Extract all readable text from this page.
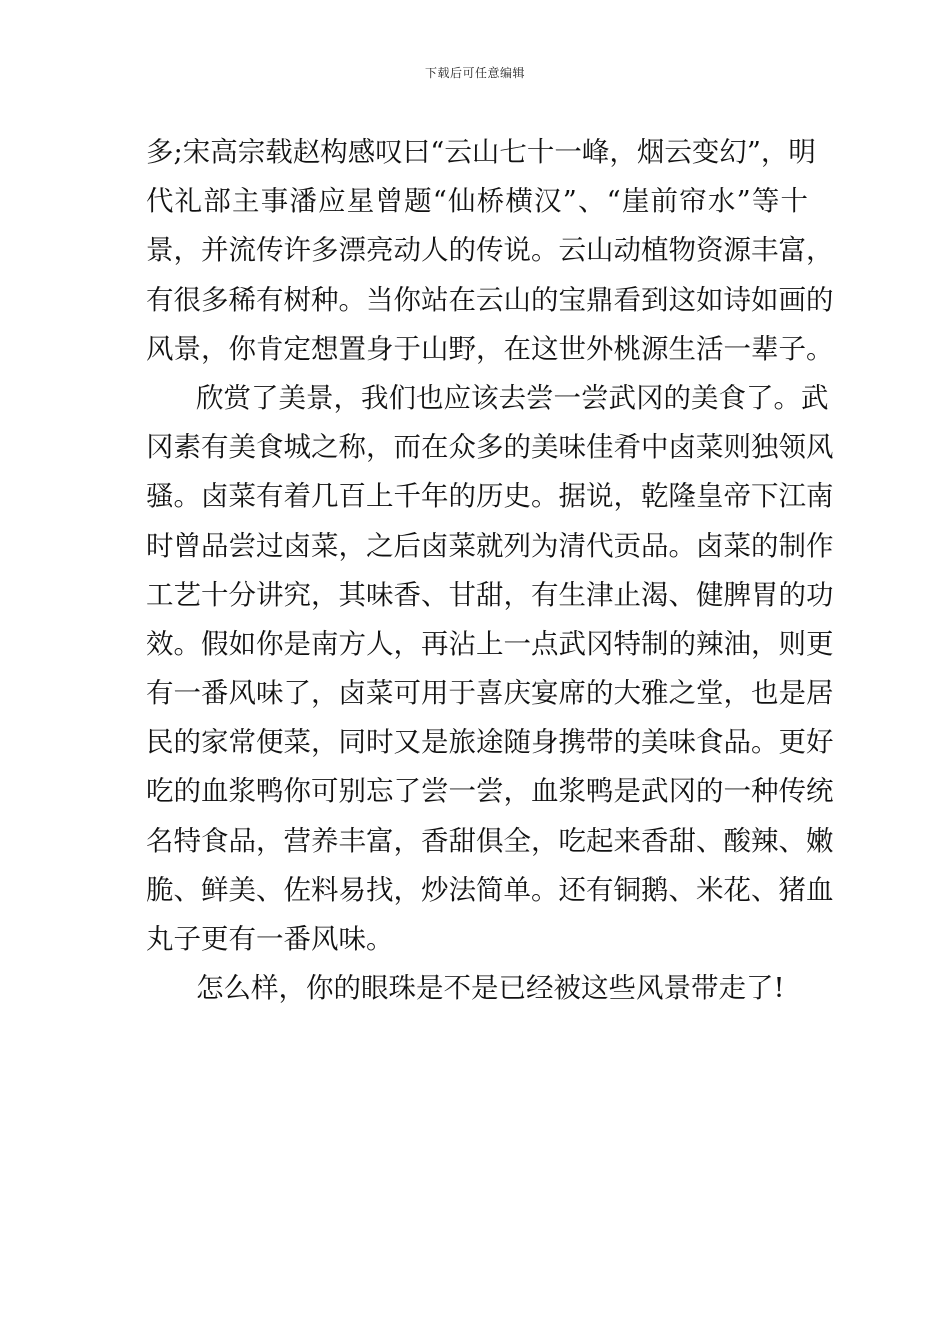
下载后可任意编辑
多;宋高宗载赵构感叹曰“云山七十一峰，烟云变幻”，明
代礼部主事潘应星曾题“仙桥横汉”、“崖前帘水”等十
景，并流传许多漂亮动人的传说。云山动植物资源丰富，
有很多稀有树种。当你站在云山的宝鼎看到这如诗如画的
风景，你肯定想置身于山野，在这世外桃源生活一辈子。
欣赏了美景，我们也应该去尝一尝武冈的美食了。武
冈素有美食城之称，而在众多的美味佳肴中卤菜则独领风
骚。卤菜有着几百上千年的历史。据说，乾隆皇帝下江南
时曾品尝过卤菜，之后卤菜就列为清代贡品。卤菜的制作
工艺十分讲究，其味香、甘甜，有生津止渴、健脾胃的功
效。假如你是南方人，再沾上一点武冈特制的辣油，则更
有一番风味了，卤菜可用于喜庆宴席的大雅之堂，也是居
民的家常便菜，同时又是旅途随身携带的美味食品。更好
吃的血浆鸭你可别忘了尝一尝，血浆鸭是武冈的一种传统
名特食品，营养丰富，香甜俱全，吃起来香甜、酸辣、嫩
脆、鲜美、佐料易找，炒法简单。还有铜鹅、米花、猪血
丸子更有一番风味。
怎么样，你的眼珠是不是已经被这些风景带走了!
